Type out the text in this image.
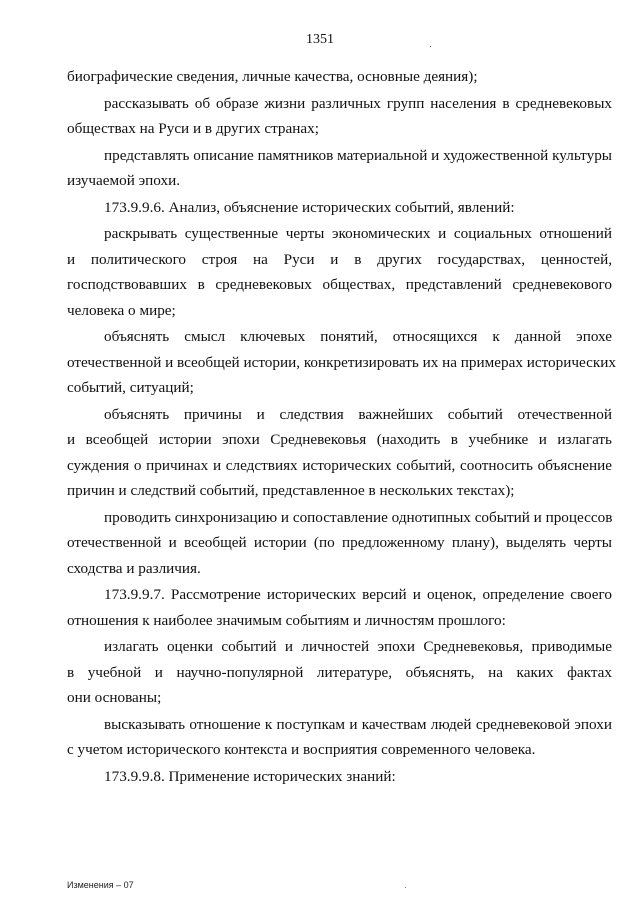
1351
биографические сведения, личные качества, основные деяния);
рассказывать об образе жизни различных групп населения в средневековых
обществах на Руси и в других странах;
представлять описание памятников материальной и художественной культуры
изучаемой эпохи.
173.9.9.6. Анализ, объяснение исторических событий, явлений:
раскрывать существенные черты экономических и социальных отношений
и политического строя на Руси и в других государствах, ценностей,
господствовавших в средневековых обществах, представлений средневекового
человека о мире;
объяснять смысл ключевых понятий, относящихся к данной эпохе
отечественной и всеобщей истории, конкретизировать их на примерах исторических
событий, ситуаций;
объяснять причины и следствия важнейших событий отечественной
и всеобщей истории эпохи Средневековья (находить в учебнике и излагать
суждения о причинах и следствиях исторических событий, соотносить объяснение
причин и следствий событий, представленное в нескольких текстах);
проводить синхронизацию и сопоставление однотипных событий и процессов
отечественной и всеобщей истории (по предложенному плану), выделять черты
сходства и различия.
173.9.9.7. Рассмотрение исторических версий и оценок, определение своего
отношения к наиболее значимым событиям и личностям прошлого:
излагать оценки событий и личностей эпохи Средневековья, приводимые
в учебной и научно-популярной литературе, объяснять, на каких фактах
они основаны;
высказывать отношение к поступкам и качествам людей средневековой эпохи
с учетом исторического контекста и восприятия современного человека.
173.9.9.8. Применение исторических знаний:
Изменения – 07
